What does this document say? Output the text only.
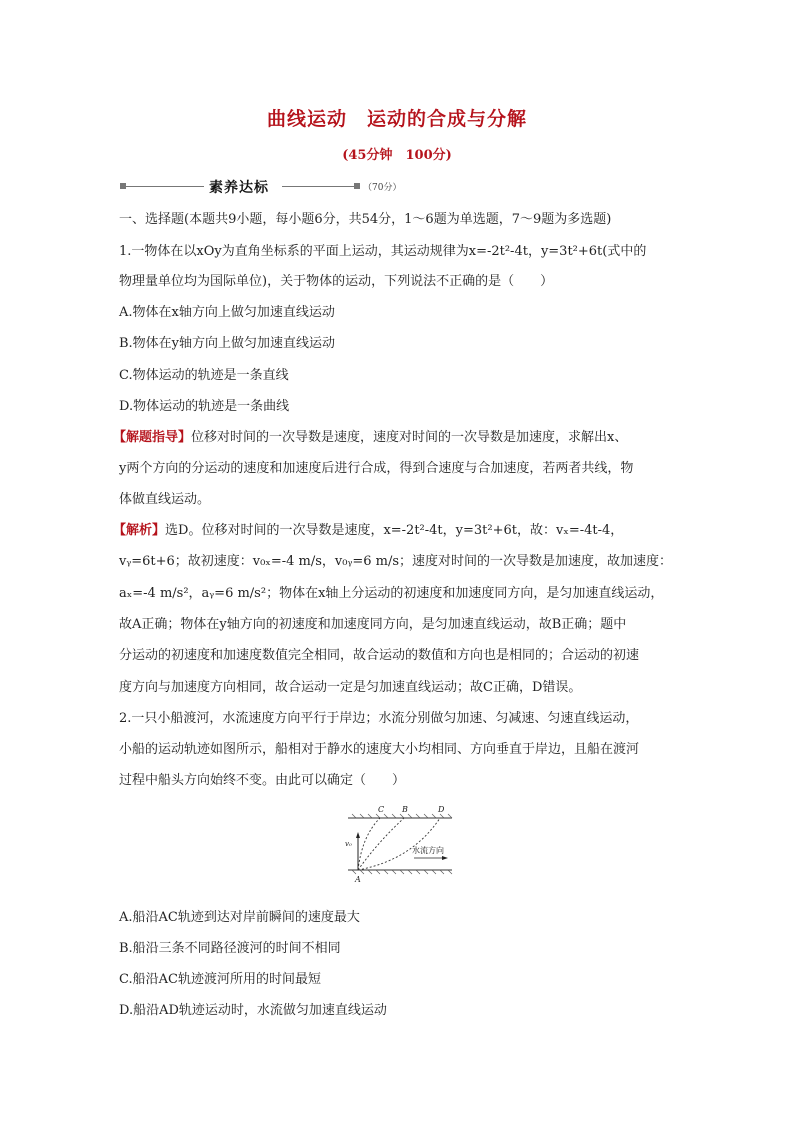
曲线运动　运动的合成与分解
(45分钟　100分)
素养达标	（70分）
一、选择题(本题共9小题，每小题6分，共54分，1～6题为单选题，7～9题为多选题)
1.一物体在以xOy为直角坐标系的平面上运动，其运动规律为x=-2t²-4t，y=3t²+6t(式中的
物理量单位均为国际单位)，关于物体的运动，下列说法不正确的是（　　）
A.物体在x轴方向上做匀加速直线运动
B.物体在y轴方向上做匀加速直线运动
C.物体运动的轨迹是一条直线
D.物体运动的轨迹是一条曲线
【解题指导】位移对时间的一次导数是速度，速度对时间的一次导数是加速度，求解出x、
y两个方向的分运动的速度和加速度后进行合成，得到合速度与合加速度，若两者共线，物
体做直线运动。
【解析】选D。位移对时间的一次导数是速度，x=-2t²-4t，y=3t²+6t，故：vₓ=-4t-4，
vᵧ=6t+6；故初速度：v₀ₓ=-4 m/s，v₀ᵧ=6 m/s；速度对时间的一次导数是加速度，故加速度：
aₓ=-4 m/s²，aᵧ=6 m/s²；物体在x轴上分运动的初速度和加速度同方向，是匀加速直线运动，
故A正确；物体在y轴方向的初速度和加速度同方向，是匀加速直线运动，故B正确；题中
分运动的初速度和加速度数值完全相同，故合运动的数值和方向也是相同的；合运动的初速
度方向与加速度方向相同，故合运动一定是匀加速直线运动；故C正确，D错误。
2.一只小船渡河，水流速度方向平行于岸边；水流分别做匀加速、匀减速、匀速直线运动，
小船的运动轨迹如图所示，船相对于静水的速度大小均相同、方向垂直于岸边，且船在渡河
过程中船头方向始终不变。由此可以确定（　　）
C B	D
A
v₀
水流方向
A.船沿AC轨迹到达对岸前瞬间的速度最大
B.船沿三条不同路径渡河的时间不相同
C.船沿AC轨迹渡河所用的时间最短
D.船沿AD轨迹运动时，水流做匀加速直线运动
